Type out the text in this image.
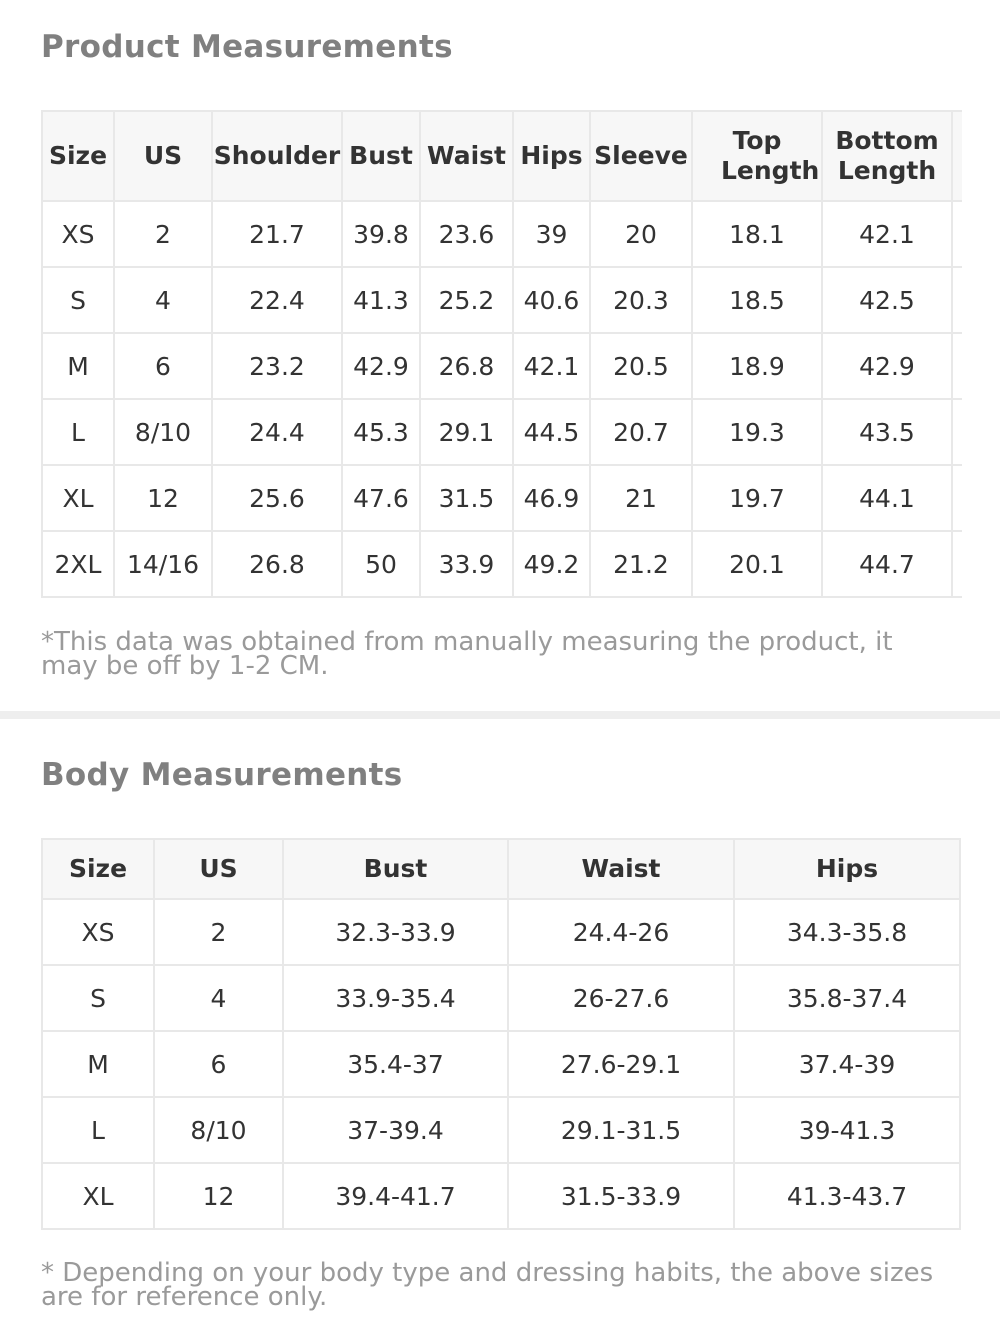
Product Measurements
Size	US	Shoulder	Bust	Waist	Hips	Sleeve	Top Length	Bottom Length	
XS	2	21.7	39.8	23.6	39	20	18.1	42.1	
S	4	22.4	41.3	25.2	40.6	20.3	18.5	42.5	
M	6	23.2	42.9	26.8	42.1	20.5	18.9	42.9	
L	8/10	24.4	45.3	29.1	44.5	20.7	19.3	43.5	
XL	12	25.6	47.6	31.5	46.9	21	19.7	44.1	
2XL	14/16	26.8	50	33.9	49.2	21.2	20.1	44.7	

*This data was obtained from manually measuring the product, it
may be off by 1-2 CM.

Body Measurements
Size	US	Bust	Waist	Hips
XS	2	32.3-33.9	24.4-26	34.3-35.8
S	4	33.9-35.4	26-27.6	35.8-37.4
M	6	35.4-37	27.6-29.1	37.4-39
L	8/10	37-39.4	29.1-31.5	39-41.3
XL	12	39.4-41.7	31.5-33.9	41.3-43.7

* Depending on your body type and dressing habits, the above sizes
are for reference only.
